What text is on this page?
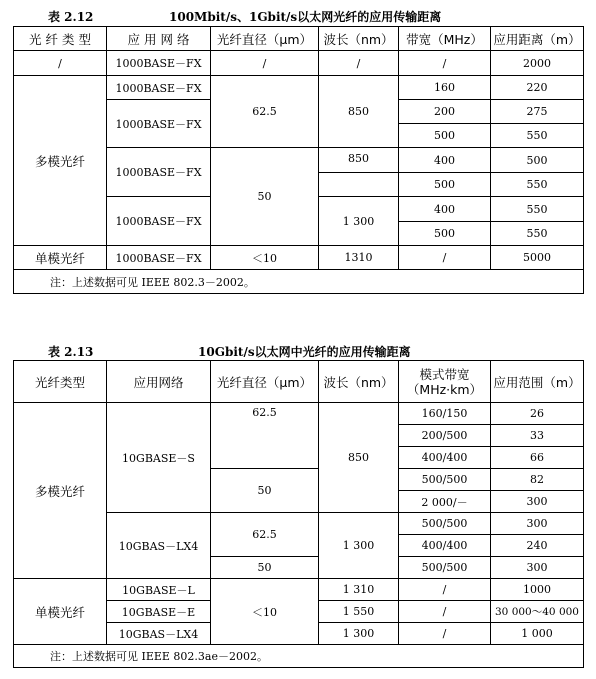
表 2.12	100Mbit/s、1Gbit/s以太网光纤的应用传输距离
光 纤 类 型	应 用 网 络	光纤直径（μm）	波长（nm）	带宽（MHz）	应用距离（m）
/	1000BASE－FX	/	/	/	2000
多模光纤	1000BASE－FX	62.5	850	160	220
	1000BASE－FX			200	275
				500	550
	1000BASE－FX	50	850	400	500
				500	550
	1000BASE－FX		1 300	400	550
				500	550
单模光纤	1000BASE－FX	＜10	1310	/	5000
注：上述数据可见 IEEE 802.3－2002。					
表 2.13	10Gbit/s以太网中光纤的应用传输距离
光纤类型	应用网络	光纤直径（μm）	波长（nm）	模式带宽
（MHz·km）	应用范围（m）
多模光纤	10GBASE－S	62.5	850	160/150	26
				200/500	33
				400/400	66
		50		500/500	82
				2 000/－	300
	10GBAS－LX4	62.5	1 300	500/500	300
				400/400	240
		50		500/500	300
单模光纤	10GBASE－L	＜10	1 310	/	1000
	10GBASE－E		1 550	/	30 000～40 000
	10GBAS－LX4		1 300	/	1 000
注：上述数据可见 IEEE 802.3ae－2002。					
